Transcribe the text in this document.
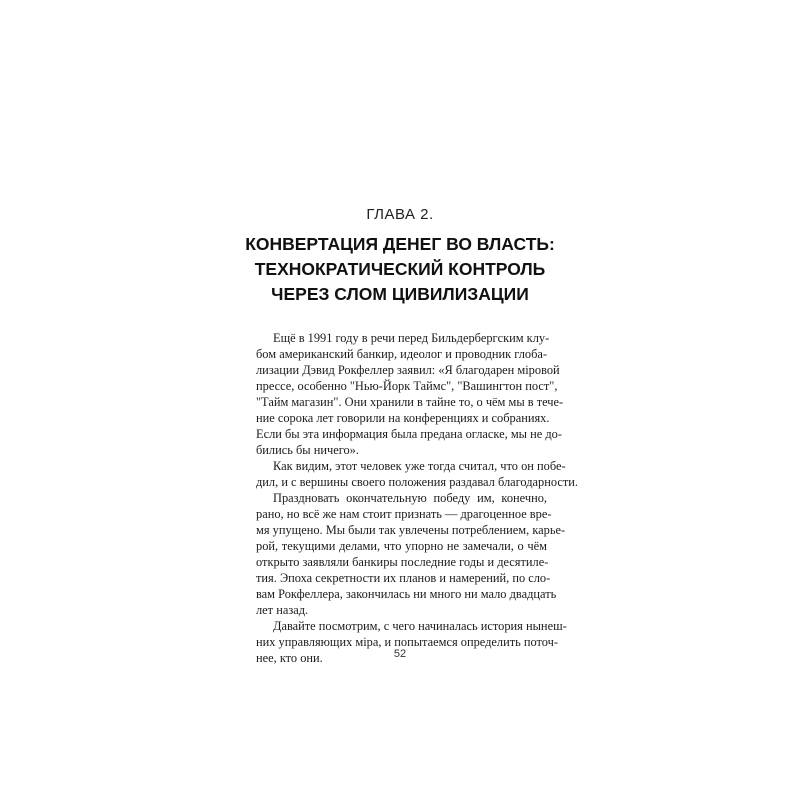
ГЛАВА 2.
КОНВЕРТАЦИЯ ДЕНЕГ ВО ВЛАСТЬ:
ТЕХНОКРАТИЧЕСКИЙ КОНТРОЛЬ
ЧЕРЕЗ СЛОМ ЦИВИЛИЗАЦИИ
Ещё в 1991 году в речи перед Бильдербергским клу-
бом американский банкир, идеолог и проводник глоба-
лизации Дэвид Рокфеллер заявил: «Я благодарен міровой
прессе, особенно "Нью-Йорк Таймс", "Вашингтон пост",
"Тайм магазин". Они хранили в тайне то, о чём мы в тече-
ние сорока лет говорили на конференциях и собраниях.
Если бы эта информация была предана огласке, мы не до-
бились бы ничего».
Как видим, этот человек уже тогда считал, что он побе-
дил, и с вершины своего положения раздавал благодарности.
Праздновать окончательную победу им, конечно,
рано, но всё же нам стоит признать — драгоценное вре-
мя упущено. Мы были так увлечены потреблением, карье-
рой, текущими делами, что упорно не замечали, о чём
открыто заявляли банкиры последние годы и десятиле-
тия. Эпоха секретности их планов и намерений, по сло-
вам Рокфеллера, закончилась ни много ни мало двадцать
лет назад.
Давайте посмотрим, с чего начиналась история нынеш-
них управляющих міра, и попытаемся определить поточ-
нее, кто они.	52
